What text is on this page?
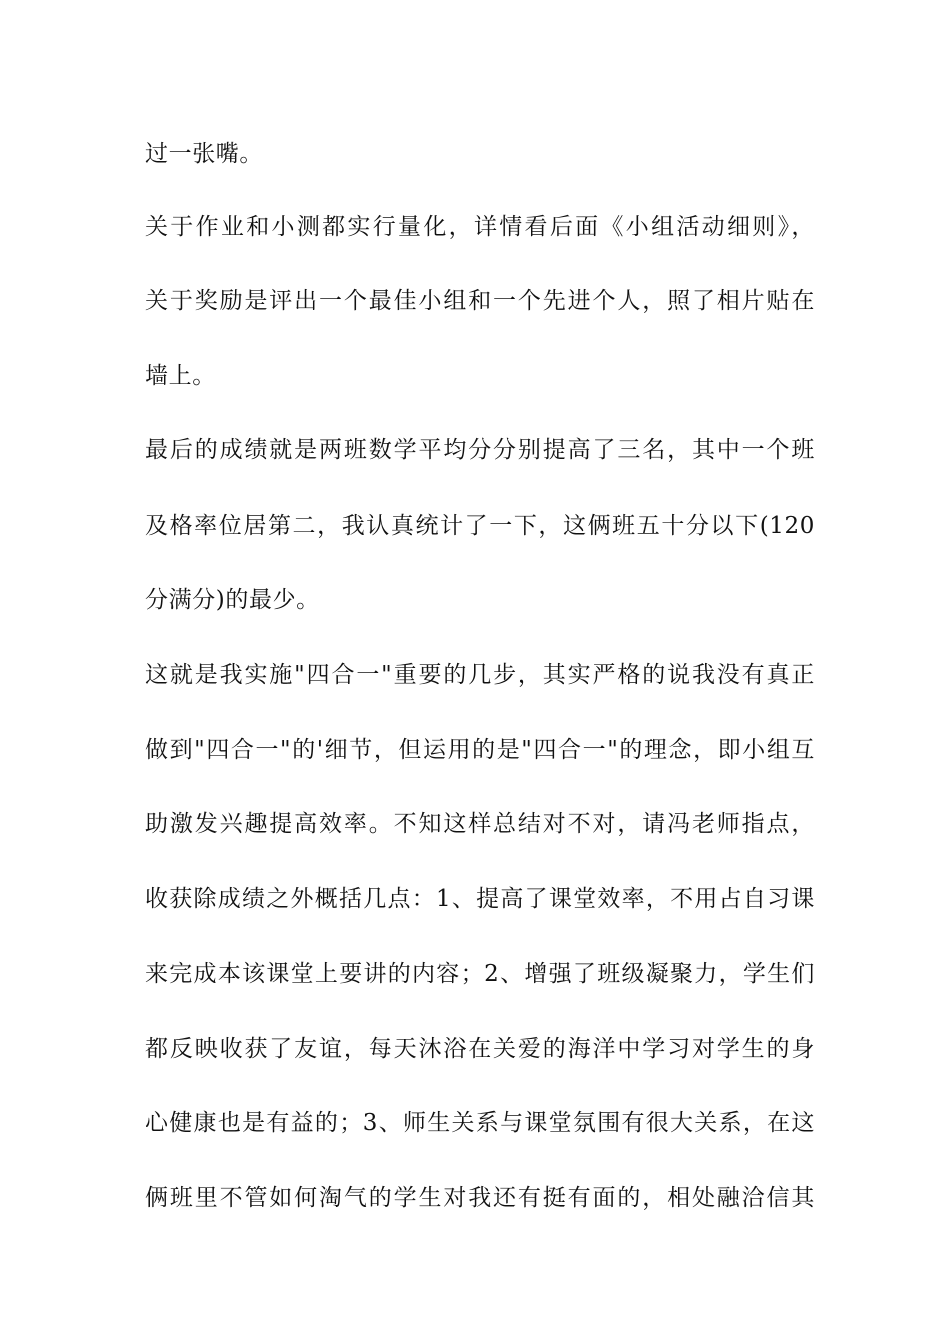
过一张嘴。
关于作业和小测都实行量化，详情看后面《小组活动细则》，
关于奖励是评出一个最佳小组和一个先进个人，照了相片贴在
墙上。
最后的成绩就是两班数学平均分分别提高了三名，其中一个班
及格率位居第二，我认真统计了一下，这俩班五十分以下(120
分满分)的最少。
这就是我实施"四合一"重要的几步，其实严格的说我没有真正
做到"四合一"的'细节，但运用的是"四合一"的理念，即小组互
助激发兴趣提高效率。不知这样总结对不对，请冯老师指点，
收获除成绩之外概括几点：1、提高了课堂效率，不用占自习课
来完成本该课堂上要讲的内容；2、增强了班级凝聚力，学生们
都反映收获了友谊，每天沐浴在关爱的海洋中学习对学生的身
心健康也是有益的；3、师生关系与课堂氛围有很大关系，在这
俩班里不管如何淘气的学生对我还有挺有面的，相处融洽信其
